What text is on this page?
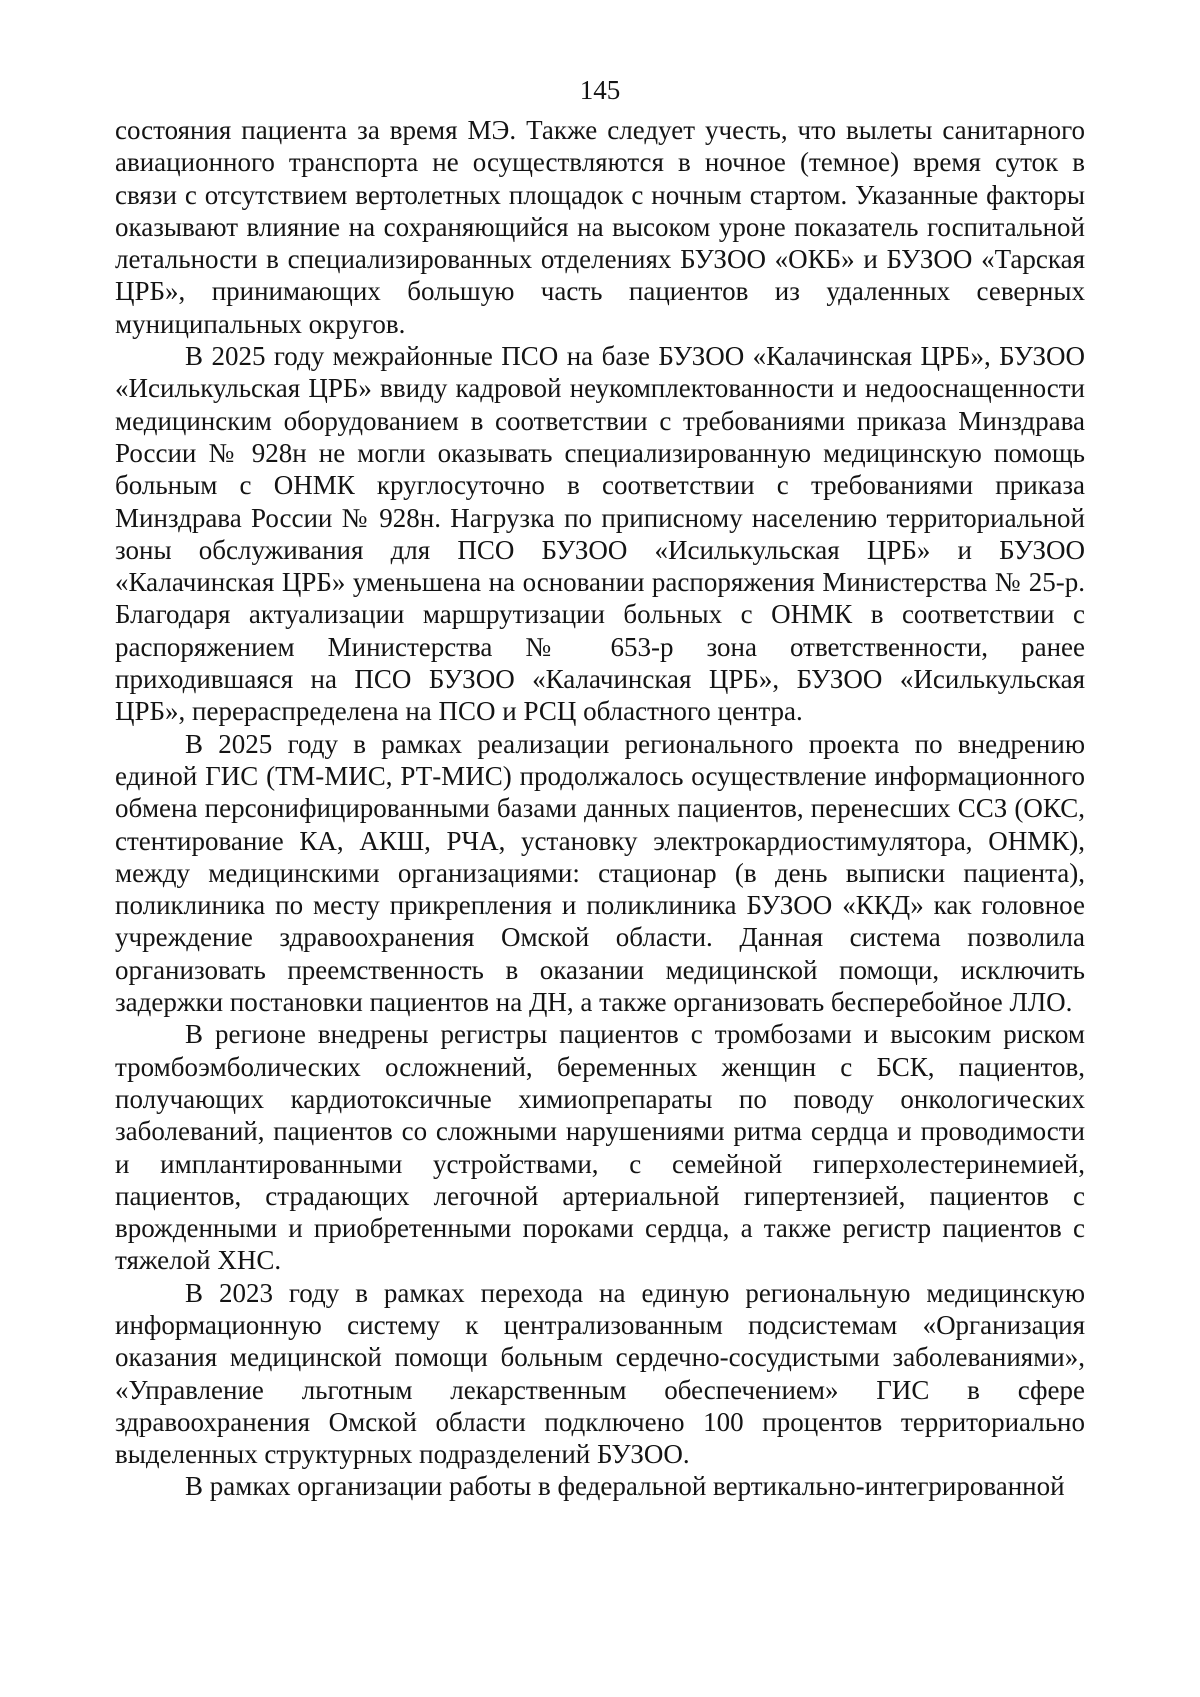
145

состояния пациента за время МЭ. Также следует учесть, что вылеты санитарного авиационного транспорта не осуществляются в ночное (темное) время суток в связи с отсутствием вертолетных площадок с ночным стартом. Указанные факторы оказывают влияние на сохраняющийся на высоком уроне показатель госпитальной летальности в специализированных отделениях БУЗОО «ОКБ» и БУЗОО «Тарская ЦРБ», принимающих большую часть пациентов из удаленных северных муниципальных округов.

В 2025 году межрайонные ПСО на базе БУЗОО «Калачинская ЦРБ», БУЗОО «Исилькульская ЦРБ» ввиду кадровой неукомплектованности и недооснащенности медицинским оборудованием в соответствии с требованиями приказа Минздрава России № 928н не могли оказывать специализированную медицинскую помощь больным с ОНМК круглосуточно в соответствии с требованиями приказа Минздрава России № 928н. Нагрузка по приписному населению территориальной зоны обслуживания для ПСО БУЗОО «Исилькульская ЦРБ» и БУЗОО «Калачинская ЦРБ» уменьшена на основании распоряжения Министерства № 25-р. Благодаря актуализации маршрутизации больных с ОНМК в соответствии с распоряжением Министерства № 653-р зона ответственности, ранее приходившаяся на ПСО БУЗОО «Калачинская ЦРБ», БУЗОО «Исилькульская ЦРБ», перераспределена на ПСО и РСЦ областного центра.

В 2025 году в рамках реализации регионального проекта по внедрению единой ГИС (ТМ-МИС, РТ-МИС) продолжалось осуществление информационного обмена персонифицированными базами данных пациентов, перенесших ССЗ (ОКС, стентирование КА, АКШ, РЧА, установку электрокардиостимулятора, ОНМК), между медицинскими организациями: стационар (в день выписки пациента), поликлиника по месту прикрепления и поликлиника БУЗОО «ККД» как головное учреждение здравоохранения Омской области. Данная система позволила организовать преемственность в оказании медицинской помощи, исключить задержки постановки пациентов на ДН, а также организовать бесперебойное ЛЛО.

В регионе внедрены регистры пациентов с тромбозами и высоким риском тромбоэмболических осложнений, беременных женщин с БСК, пациентов, получающих кардиотоксичные химиопрепараты по поводу онкологических заболеваний, пациентов со сложными нарушениями ритма сердца и проводимости и имплантированными устройствами, с семейной гиперхолестеринемией, пациентов, страдающих легочной артериальной гипертензией, пациентов с врожденными и приобретенными пороками сердца, а также регистр пациентов с тяжелой ХНС.

В 2023 году в рамках перехода на единую региональную медицинскую информационную систему к централизованным подсистемам «Организация оказания медицинской помощи больным сердечно-сосудистыми заболеваниями», «Управление льготным лекарственным обеспечением» ГИС в сфере здравоохранения Омской области подключено 100 процентов территориально выделенных структурных подразделений БУЗОО.

В рамках организации работы в федеральной вертикально-интегрированной
